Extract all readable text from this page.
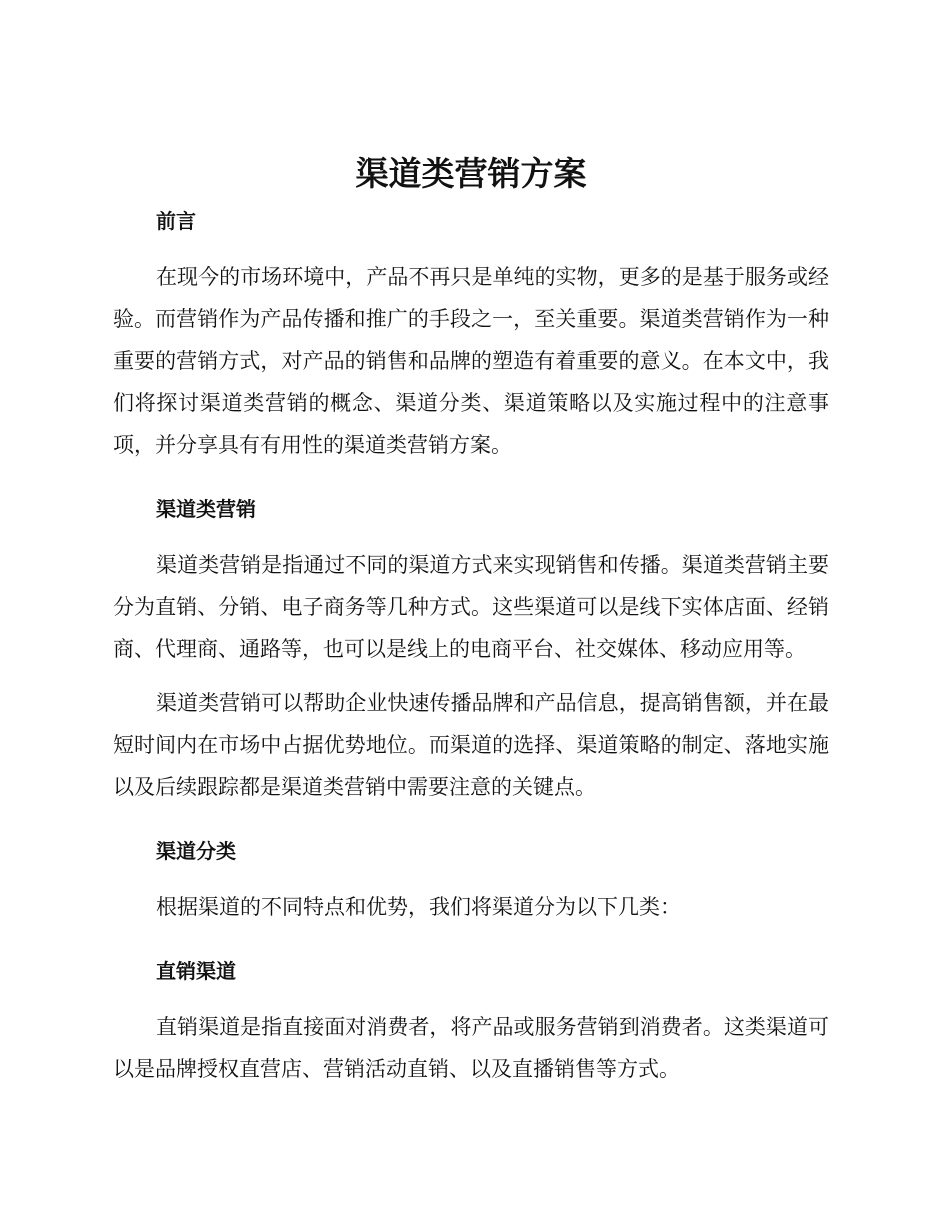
渠道类营销方案
前言

在现今的市场环境中，产品不再只是单纯的实物，更多的是基于服务或经验。而营销作为产品传播和推广的手段之一，至关重要。渠道类营销作为一种重要的营销方式，对产品的销售和品牌的塑造有着重要的意义。在本文中，我们将探讨渠道类营销的概念、渠道分类、渠道策略以及实施过程中的注意事项，并分享具有有用性的渠道类营销方案。

渠道类营销

渠道类营销是指通过不同的渠道方式来实现销售和传播。渠道类营销主要分为直销、分销、电子商务等几种方式。这些渠道可以是线下实体店面、经销商、代理商、通路等，也可以是线上的电商平台、社交媒体、移动应用等。

渠道类营销可以帮助企业快速传播品牌和产品信息，提高销售额，并在最短时间内在市场中占据优势地位。而渠道的选择、渠道策略的制定、落地实施以及后续跟踪都是渠道类营销中需要注意的关键点。

渠道分类

根据渠道的不同特点和优势，我们将渠道分为以下几类：

直销渠道

直销渠道是指直接面对消费者，将产品或服务营销到消费者。这类渠道可以是品牌授权直营店、营销活动直销、以及直播销售等方式。
